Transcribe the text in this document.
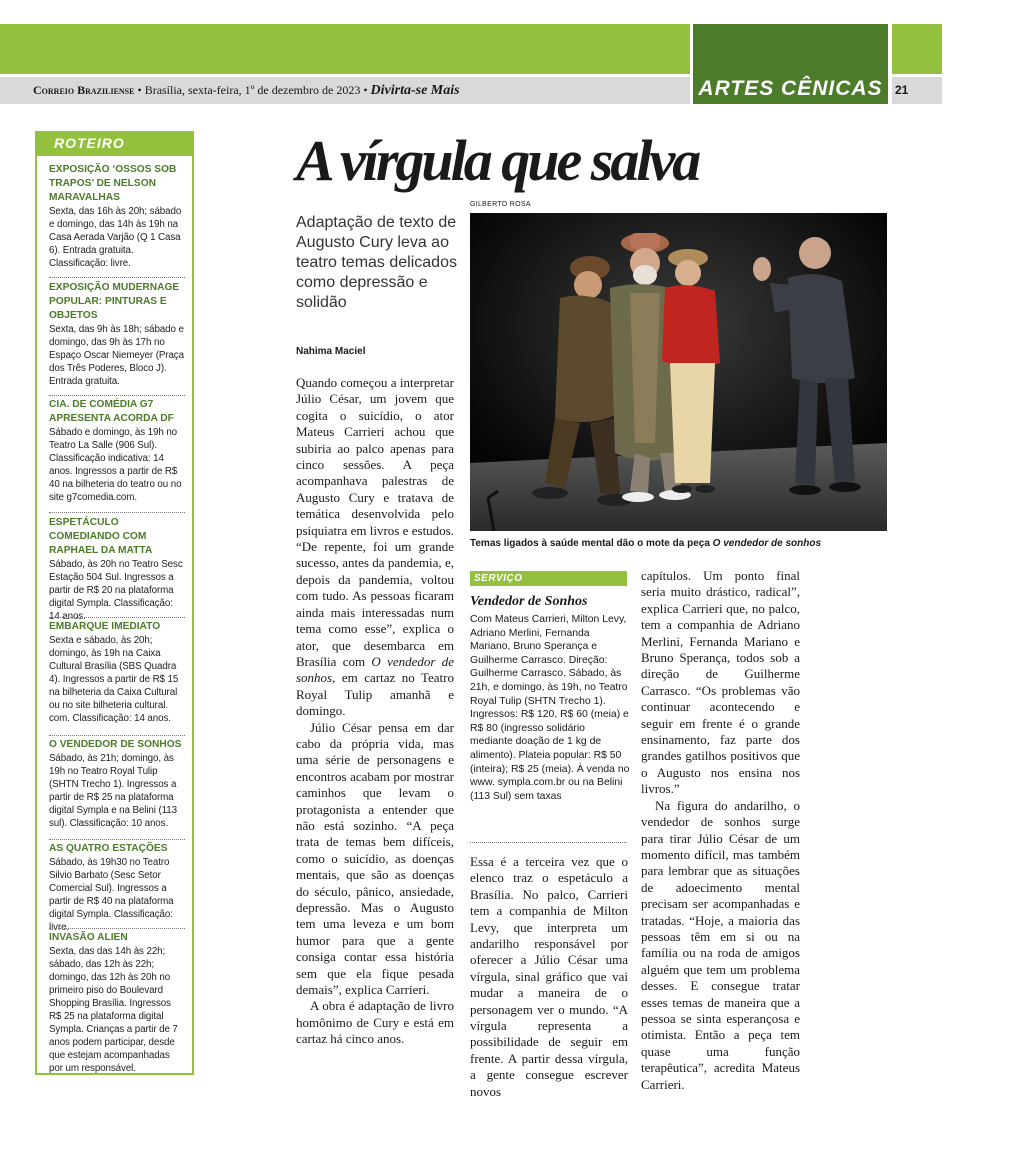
ARTES CÊNICAS
Correio Braziliense • Brasília, sexta-feira, 1º de dezembro de 2023 • Divirta-se Mais	21
ROTEIRO
EXPOSIÇÃO ‘OSSOS SOB TRAPOS’ DE NELSON MARAVALHAS
Sexta, das 16h às 20h; sábado e domingo, das 14h às 19h na Casa Aerada Varjão (Q 1 Casa 6). Entrada gratuita. Classificação: livre.
EXPOSIÇÃO MUDERNAGE POPULAR: PINTURAS E OBJETOS
Sexta, das 9h às 18h; sábado e domingo, das 9h às 17h no Espaço Oscar Niemeyer (Praça dos Três Poderes, Bloco J). Entrada gratuita.
CIA. DE COMÉDIA G7 APRESENTA ACORDA DF
Sábado e domingo, às 19h no Teatro La Salle (906 Sul). Classificação indicativa: 14 anos. Ingressos a partir de R$ 40 na bilheteria do teatro ou no site g7comedia.com.
ESPETÁCULO COMEDIANDO COM RAPHAEL DA MATTA
Sábado, às 20h no Teatro Sesc Estação 504 Sul. Ingressos a partir de R$ 20 na plataforma digital Sympla. Classificação: 14 anos.
EMBARQUE IMEDIATO
Sexta e sábado, às 20h; domingo, às 19h na Caixa Cultural Brasília (SBS Quadra 4). Ingressos a partir de R$ 15 na bilheteria da Caixa Cultural ou no site bilheteria cultural. com. Classificação: 14 anos.
O VENDEDOR DE SONHOS
Sábado, às 21h; domingo, às 19h no Teatro Royal Tulip (SHTN Trecho 1). Ingressos a partir de R$ 25 na plataforma digital Sympla e na Belini (113 sul). Classificação: 10 anos.
AS QUATRO ESTAÇÕES
Sábado, às 19h30 no Teatro Silvio Barbato (Sesc Setor Comercial Sul). Ingressos a partir de R$ 40 na plataforma digital Sympla. Classificação: livre.
INVASÃO ALIEN
Sexta, das das 14h às 22h; sábado, das 12h às 22h; domingo, das 12h às 20h no primeiro piso do Boulevard Shopping Brasília. Ingressos R$ 25 na plataforma digital Sympla. Crianças a partir de 7 anos podem participar, desde que estejam acompanhadas por um responsável.
A vírgula que salva
Adaptação de texto de Augusto Cury leva ao teatro temas delicados como depressão e solidão
Nahima Maciel
GILBERTO ROSA
Temas ligados à saúde mental dão o mote da peça O vendedor de sonhos

Quando começou a interpretar Júlio César, um jovem que cogita o suicídio, o ator Mateus Carrieri achou que subiria ao palco apenas para cinco sessões. A peça acompanhava palestras de Augusto Cury e tratava de temática desenvolvida pelo psiquiatra em livros e estudos. “De repente, foi um grande sucesso, antes da pandemia, e, depois da pandemia, voltou com tudo. As pessoas ficaram ainda mais interessadas num tema como esse”, explica o ator, que desembarca em Brasília com O vendedor de sonhos, em cartaz no Teatro Royal Tulip amanhã e domingo.

Júlio César pensa em dar cabo da própria vida, mas uma série de personagens e encontros acabam por mostrar caminhos que levam o protagonista a entender que não está sozinho. “A peça trata de temas bem difíceis, como o suicídio, as doenças mentais, que são as doenças do século, pânico, ansiedade, depressão. Mas o Augusto tem uma leveza e um bom humor para que a gente consiga contar essa história sem que ela fique pesada demais”, explica Carrieri.

A obra é adaptação de livro homônimo de Cury e está em cartaz há cinco anos.

SERVIÇO
Vendedor de Sonhos
Com Mateus Carrieri, Milton Levy, Adriano Merlini, Fernanda Mariano, Bruno Sperança e Guilherme Carrasco. Direção: Guilherme Carrasco. Sábado, às 21h, e domingo, às 19h, no Teatro Royal Tulip (SHTN Trecho 1). Ingressos: R$ 120, R$ 60 (meia) e R$ 80 (ingresso solidário mediante doação de 1 kg de alimento). Plateia popular: R$ 50 (inteira); R$ 25 (meia). À venda no www. sympla.com.br ou na Belini (113 Sul) sem taxas

Essa é a terceira vez que o elenco traz o espetáculo a Brasília. No palco, Carrieri tem a companhia de Milton Levy, que interpreta um andarilho responsável por oferecer a Júlio César uma vírgula, sinal gráfico que vai mudar a maneira de o personagem ver o mundo. “A vírgula representa a possibilidade de seguir em frente. A partir dessa vírgula, a gente consegue escrever novos

capítulos. Um ponto final seria muito drástico, radical”, explica Carrieri que, no palco, tem a companhia de Adriano Merlini, Fernanda Mariano e Bruno Sperança, todos sob a direção de Guilherme Carrasco. “Os problemas vão continuar acontecendo e seguir em frente é o grande ensinamento, faz parte dos grandes gatilhos positivos que o Augusto nos ensina nos livros.”

Na figura do andarilho, o vendedor de sonhos surge para tirar Júlio César de um momento difícil, mas também para lembrar que as situações de adoecimento mental precisam ser acompanhadas e tratadas. “Hoje, a maioria das pessoas têm em si ou na família ou na roda de amigos alguém que tem um problema desses. E consegue tratar esses temas de maneira que a pessoa se sinta esperançosa e otimista. Então a peça tem quase uma função terapêutica”, acredita Mateus Carrieri.
